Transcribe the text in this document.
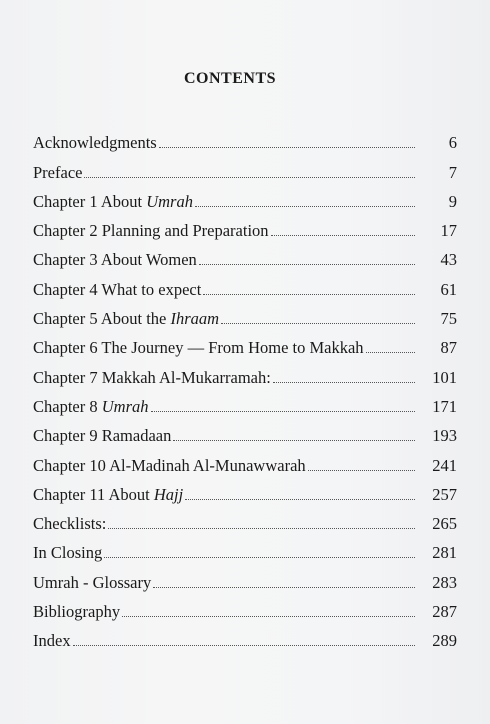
CONTENTS
Acknowledgments	6
Preface	7
Chapter 1 About Umrah	9
Chapter 2 Planning and Preparation	17
Chapter 3 About Women	43
Chapter 4 What to expect	61
Chapter 5 About the Ihraam	75
Chapter 6 The Journey — From Home to Makkah	87
Chapter 7 Makkah Al-Mukarramah:	101
Chapter 8 Umrah	171
Chapter 9 Ramadaan	193
Chapter 10 Al-Madinah Al-Munawwarah	241
Chapter 11 About Hajj	257
Checklists:	265
In Closing	281
Umrah - Glossary	283
Bibliography	287
Index	289
